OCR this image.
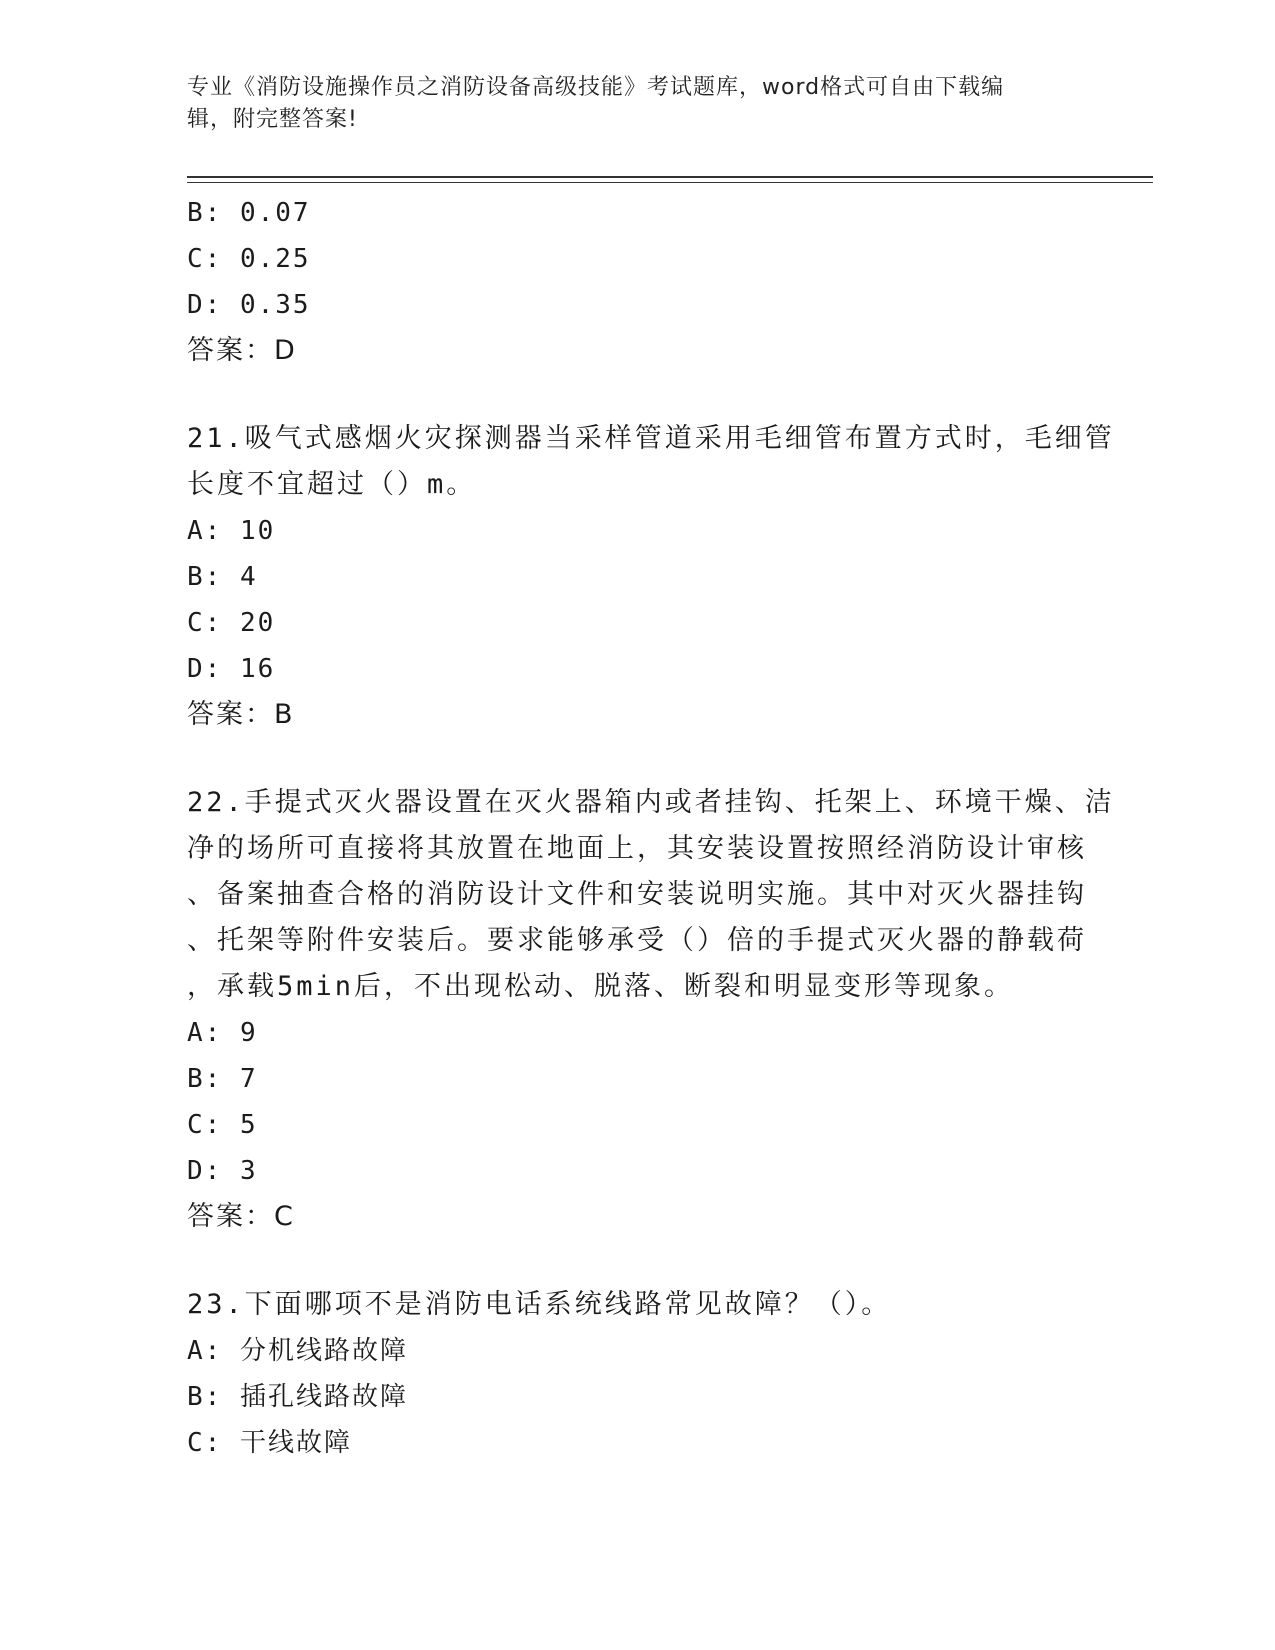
专业《消防设施操作员之消防设备高级技能》考试题库，word格式可自由下载编
辑，附完整答案!
B: 0.07
C: 0.25
D: 0.35
答案：D
21.吸气式感烟火灾探测器当采样管道采用毛细管布置方式时，毛细管
长度不宜超过（）m。
A: 10
B: 4
C: 20
D: 16
答案：B
22.手提式灭火器设置在灭火器箱内或者挂钩、托架上、环境干燥、洁
净的场所可直接将其放置在地面上，其安装设置按照经消防设计审核
、备案抽查合格的消防设计文件和安装说明实施。其中对灭火器挂钩
、托架等附件安装后。要求能够承受（）倍的手提式灭火器的静载荷
，承载5min后，不出现松动、脱落、断裂和明显变形等现象。
A: 9
B: 7
C: 5
D: 3
答案：C
23.下面哪项不是消防电话系统线路常见故障？（）。
A: 分机线路故障
B: 插孔线路故障
C: 干线故障
